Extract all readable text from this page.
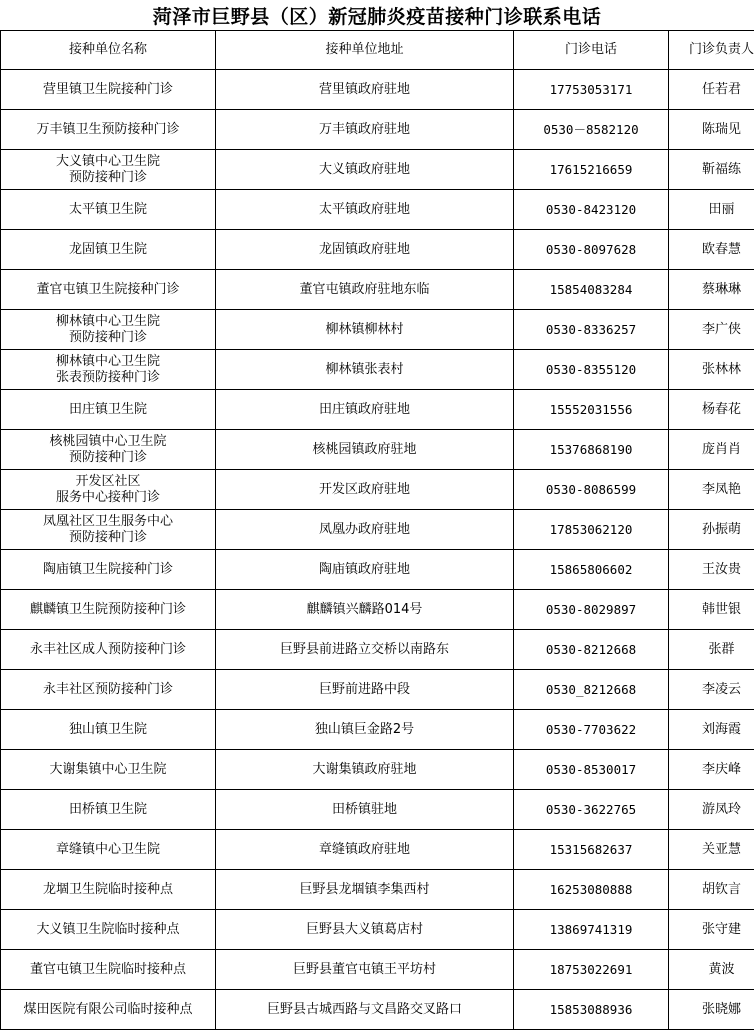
菏泽市巨野县（区）新冠肺炎疫苗接种门诊联系电话
接种单位名称	接种单位地址	门诊电话	门诊负责人
营里镇卫生院接种门诊	营里镇政府驻地	17753053171	任若君
万丰镇卫生预防接种门诊	万丰镇政府驻地	0530－8582120	陈瑞见
大义镇中心卫生院
预防接种门诊	大义镇政府驻地	17615216659	靳福练
太平镇卫生院	太平镇政府驻地	0530-8423120	田丽
龙固镇卫生院	龙固镇政府驻地	0530-8097628	欧春慧
董官屯镇卫生院接种门诊	董官屯镇政府驻地东临	15854083284	蔡琳琳
柳林镇中心卫生院
预防接种门诊	柳林镇柳林村	0530-8336257	李广侠
柳林镇中心卫生院
张表预防接种门诊	柳林镇张表村	0530-8355120	张林林
田庄镇卫生院	田庄镇政府驻地	15552031556	杨春花
核桃园镇中心卫生院
预防接种门诊	核桃园镇政府驻地	15376868190	庞肖肖
开发区社区
服务中心接种门诊	开发区政府驻地	0530-8086599	李凤艳
凤凰社区卫生服务中心
预防接种门诊	凤凰办政府驻地	17853062120	孙振萌
陶庙镇卫生院接种门诊	陶庙镇政府驻地	15865806602	王汝贵
麒麟镇卫生院预防接种门诊	麒麟镇兴麟路014号	0530-8029897	韩世银
永丰社区成人预防接种门诊	巨野县前进路立交桥以南路东	0530-8212668	张群
永丰社区预防接种门诊	巨野前进路中段	0530_8212668	李凌云
独山镇卫生院	独山镇巨金路2号	0530-7703622	刘海霞
大谢集镇中心卫生院	大谢集镇政府驻地	0530-8530017	李庆峰
田桥镇卫生院	田桥镇驻地	0530-3622765	游凤玲
章缝镇中心卫生院	章缝镇政府驻地	15315682637	关亚慧
龙堌卫生院临时接种点	巨野县龙堌镇李集西村	16253080888	胡钦言
大义镇卫生院临时接种点	巨野县大义镇葛店村	13869741319	张守建
董官屯镇卫生院临时接种点	巨野县董官屯镇王平坊村	18753022691	黄波
煤田医院有限公司临时接种点	巨野县古城西路与文昌路交叉路口	15853088936	张晓娜
